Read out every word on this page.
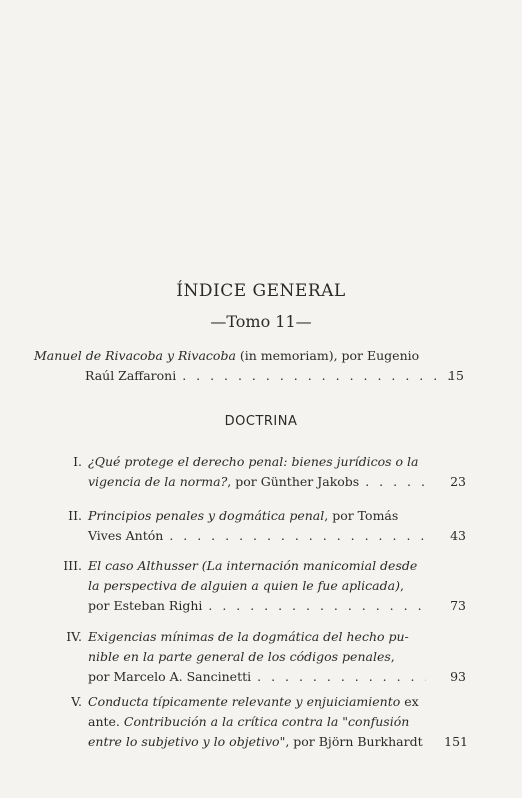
ÍNDICE GENERAL
—Tomo 11—
Manuel de Rivacoba y Rivacoba (in memoriam), por Eugenio
Raúl Zaffaroni . . .	15
DOCTRINA
I. ¿Qué protege el derecho penal: bienes jurídicos o la
vigencia de la norma?, por Günther Jakobs . . .	23
II. Principios penales y dogmática penal, por Tomás
Vives Antón . . .	43
III. El caso Althusser (La internación manicomial desde
la perspectiva de alguien a quien le fue aplicada),
por Esteban Righi . . .	73
IV. Exigencias mínimas de la dogmática del hecho pu-
nible en la parte general de los códigos penales,
por Marcelo A. Sancinetti . . .	93
V. Conducta típicamente relevante y enjuiciamiento ex
ante. Contribución a la crítica contra la "confusión
entre lo subjetivo y lo objetivo", por Björn Burkhardt	151
